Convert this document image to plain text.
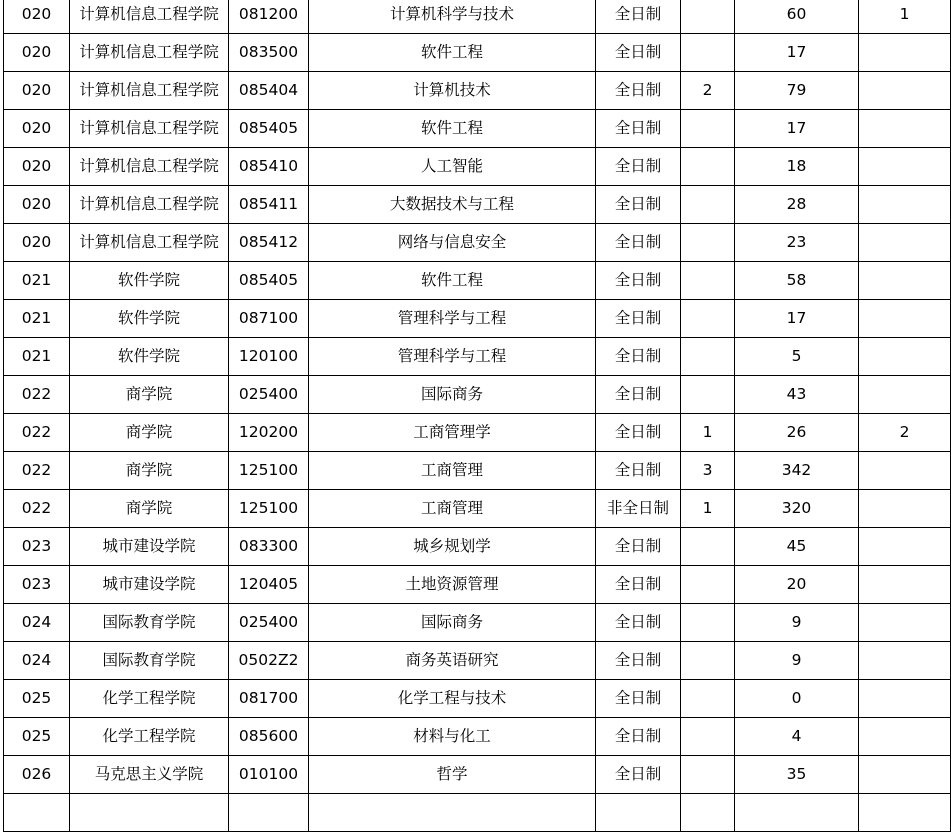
020	计算机信息工程学院	081200	计算机科学与技术	全日制		60	1
020	计算机信息工程学院	083500	软件工程	全日制		17	
020	计算机信息工程学院	085404	计算机技术	全日制	2	79	
020	计算机信息工程学院	085405	软件工程	全日制		17	
020	计算机信息工程学院	085410	人工智能	全日制		18	
020	计算机信息工程学院	085411	大数据技术与工程	全日制		28	
020	计算机信息工程学院	085412	网络与信息安全	全日制		23	
021	软件学院	085405	软件工程	全日制		58	
021	软件学院	087100	管理科学与工程	全日制		17	
021	软件学院	120100	管理科学与工程	全日制		5	
022	商学院	025400	国际商务	全日制		43	
022	商学院	120200	工商管理学	全日制	1	26	2
022	商学院	125100	工商管理	全日制	3	342	
022	商学院	125100	工商管理	非全日制	1	320	
023	城市建设学院	083300	城乡规划学	全日制		45	
023	城市建设学院	120405	土地资源管理	全日制		20	
024	国际教育学院	025400	国际商务	全日制		9	
024	国际教育学院	0502Z2	商务英语研究	全日制		9	
025	化学工程学院	081700	化学工程与技术	全日制		0	
025	化学工程学院	085600	材料与化工	全日制		4	
026	马克思主义学院	010100	哲学	全日制		35	
